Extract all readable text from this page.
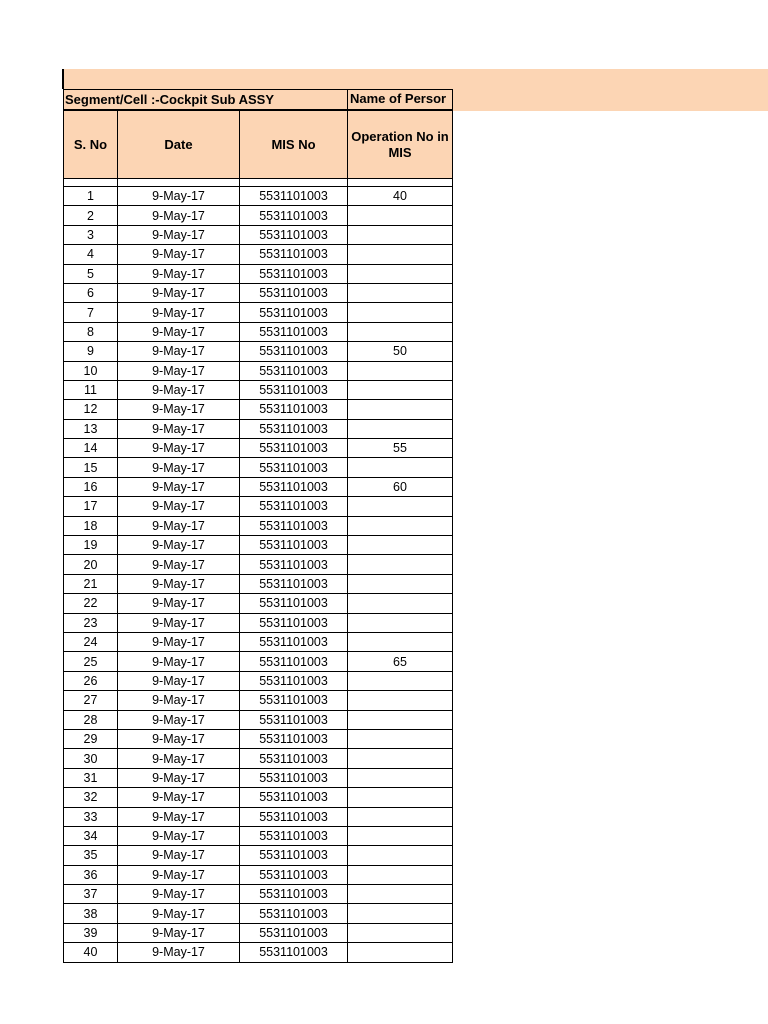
Segment/Cell :-Cockpit Sub ASSY	Name of Persor
S. No	Date	MIS No	Operation No in MIS

1	9-May-17	5531101003	40
2	9-May-17	5531101003	
3	9-May-17	5531101003	
4	9-May-17	5531101003	
5	9-May-17	5531101003	
6	9-May-17	5531101003	
7	9-May-17	5531101003	
8	9-May-17	5531101003	
9	9-May-17	5531101003	50
10	9-May-17	5531101003	
11	9-May-17	5531101003	
12	9-May-17	5531101003	
13	9-May-17	5531101003	
14	9-May-17	5531101003	55
15	9-May-17	5531101003	
16	9-May-17	5531101003	60
17	9-May-17	5531101003	
18	9-May-17	5531101003	
19	9-May-17	5531101003	
20	9-May-17	5531101003	
21	9-May-17	5531101003	
22	9-May-17	5531101003	
23	9-May-17	5531101003	
24	9-May-17	5531101003	
25	9-May-17	5531101003	65
26	9-May-17	5531101003	
27	9-May-17	5531101003	
28	9-May-17	5531101003	
29	9-May-17	5531101003	
30	9-May-17	5531101003	
31	9-May-17	5531101003	
32	9-May-17	5531101003	
33	9-May-17	5531101003	
34	9-May-17	5531101003	
35	9-May-17	5531101003	
36	9-May-17	5531101003	
37	9-May-17	5531101003	
38	9-May-17	5531101003	
39	9-May-17	5531101003	
40	9-May-17	5531101003	
